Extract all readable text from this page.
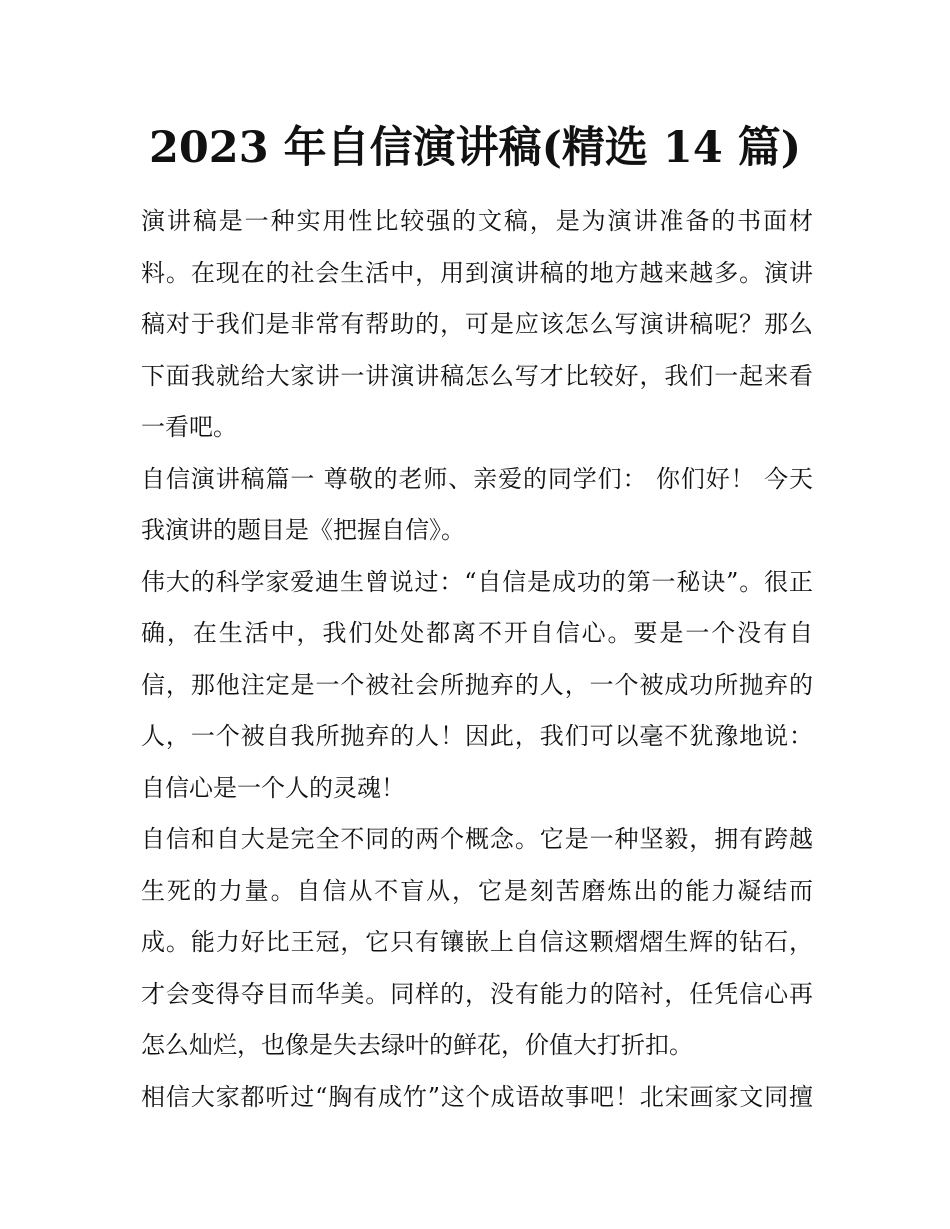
2023 年自信演讲稿(精选 14 篇)
演讲稿是一种实用性比较强的文稿，是为演讲准备的书面材
料。在现在的社会生活中，用到演讲稿的地方越来越多。演讲
稿对于我们是非常有帮助的，可是应该怎么写演讲稿呢？那么
下面我就给大家讲一讲演讲稿怎么写才比较好，我们一起来看
一看吧。
自信演讲稿篇一 尊敬的老师、亲爱的同学们： 你们好！ 今天
我演讲的题目是《把握自信》。
伟大的科学家爱迪生曾说过：“自信是成功的第一秘诀”。很正
确，在生活中，我们处处都离不开自信心。要是一个没有自
信，那他注定是一个被社会所抛弃的人，一个被成功所抛弃的
人，一个被自我所抛弃的人！因此，我们可以毫不犹豫地说：
自信心是一个人的灵魂！
自信和自大是完全不同的两个概念。它是一种坚毅，拥有跨越
生死的力量。自信从不盲从，它是刻苦磨炼出的能力凝结而
成。能力好比王冠，它只有镶嵌上自信这颗熠熠生辉的钻石，
才会变得夺目而华美。同样的，没有能力的陪衬，任凭信心再
怎么灿烂，也像是失去绿叶的鲜花，价值大打折扣。
相信大家都听过“胸有成竹”这个成语故事吧！北宋画家文同擅
